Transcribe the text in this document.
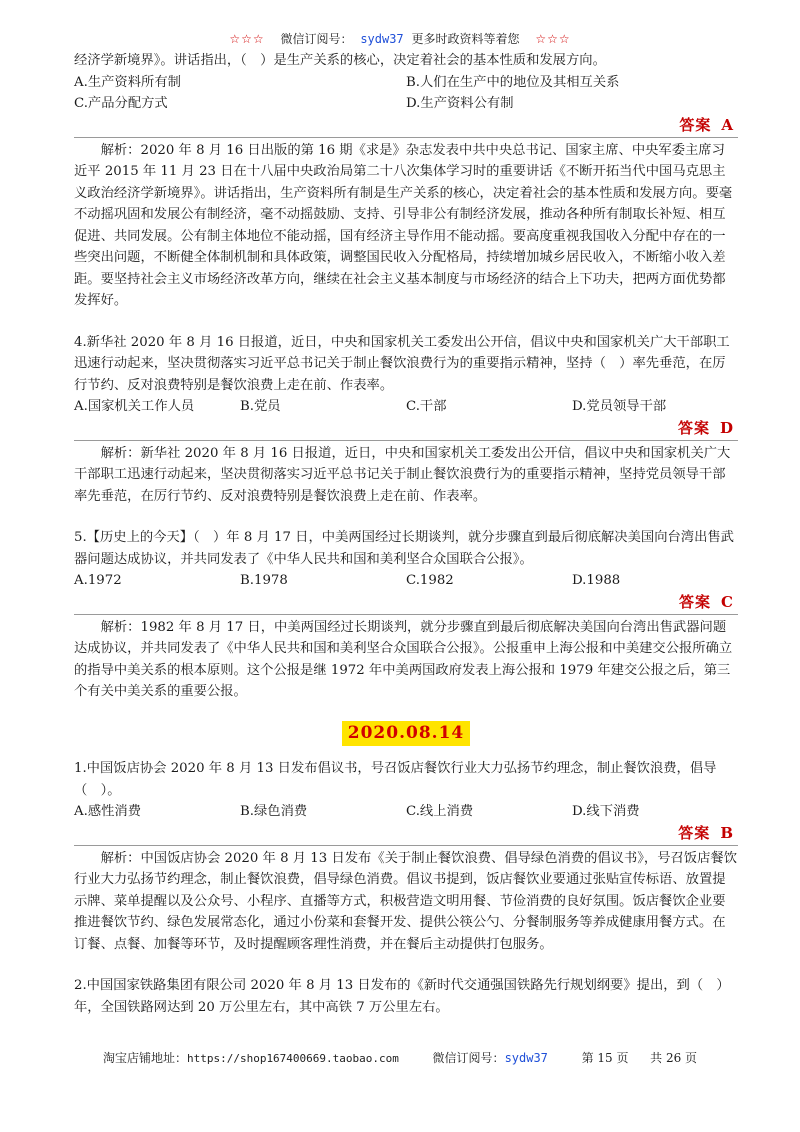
☆☆☆ 微信订阅号： sydw37 更多时政资料等着您 ☆☆☆

经济学新境界》。讲话指出，（　）是生产关系的核心，决定着社会的基本性质和发展方向。

A.生产资料所有制	B.人们在生产中的地位及其相互关系
C.产品分配方式	D.生产资料公有制
答案 A

解析：2020 年 8 月 16 日出版的第 16 期《求是》杂志发表中共中央总书记、国家主席、中央军委主席习近平 2015 年 11 月 23 日在十八届中央政治局第二十八次集体学习时的重要讲话《不断开拓当代中国马克思主义政治经济学新境界》。讲话指出，生产资料所有制是生产关系的核心，决定着社会的基本性质和发展方向。要毫不动摇巩固和发展公有制经济，毫不动摇鼓励、支持、引导非公有制经济发展，推动各种所有制取长补短、相互促进、共同发展。公有制主体地位不能动摇，国有经济主导作用不能动摇。要高度重视我国收入分配中存在的一些突出问题，不断健全体制机制和具体政策，调整国民收入分配格局，持续增加城乡居民收入，不断缩小收入差距。要坚持社会主义市场经济改革方向，继续在社会主义基本制度与市场经济的结合上下功夫，把两方面优势都发挥好。

4.新华社 2020 年 8 月 16 日报道，近日，中央和国家机关工委发出公开信，倡议中央和国家机关广大干部职工迅速行动起来，坚决贯彻落实习近平总书记关于制止餐饮浪费行为的重要指示精神，坚持（　）率先垂范，在厉行节约、反对浪费特别是餐饮浪费上走在前、作表率。

A.国家机关工作人员	B.党员	C.干部	D.党员领导干部
答案 D

解析：新华社 2020 年 8 月 16 日报道，近日，中央和国家机关工委发出公开信，倡议中央和国家机关广大干部职工迅速行动起来，坚决贯彻落实习近平总书记关于制止餐饮浪费行为的重要指示精神，坚持党员领导干部率先垂范，在厉行节约、反对浪费特别是餐饮浪费上走在前、作表率。

5.【历史上的今天】（　）年 8 月 17 日，中美两国经过长期谈判，就分步骤直到最后彻底解决美国向台湾出售武器问题达成协议，并共同发表了《中华人民共和国和美利坚合众国联合公报》。

A.1972	B.1978	C.1982	D.1988
答案 C

解析：1982 年 8 月 17 日，中美两国经过长期谈判，就分步骤直到最后彻底解决美国向台湾出售武器问题达成协议，并共同发表了《中华人民共和国和美利坚合众国联合公报》。公报重申上海公报和中美建交公报所确立的指导中美关系的根本原则。这个公报是继 1972 年中美两国政府发表上海公报和 1979 年建交公报之后，第三个有关中美关系的重要公报。

2020.08.14

1.中国饭店协会 2020 年 8 月 13 日发布倡议书，号召饭店餐饮行业大力弘扬节约理念，制止餐饮浪费，倡导（　）。

A.感性消费	B.绿色消费	C.线上消费	D.线下消费
答案 B

解析：中国饭店协会 2020 年 8 月 13 日发布《关于制止餐饮浪费、倡导绿色消费的倡议书》，号召饭店餐饮行业大力弘扬节约理念，制止餐饮浪费，倡导绿色消费。倡议书提到，饭店餐饮业要通过张贴宣传标语、放置提示牌、菜单提醒以及公众号、小程序、直播等方式，积极营造文明用餐、节俭消费的良好氛围。饭店餐饮企业要推进餐饮节约、绿色发展常态化，通过小份菜和套餐开发、提供公筷公勺、分餐制服务等养成健康用餐方式。在订餐、点餐、加餐等环节，及时提醒顾客理性消费，并在餐后主动提供打包服务。

2.中国国家铁路集团有限公司 2020 年 8 月 13 日发布的《新时代交通强国铁路先行规划纲要》提出，到（　）年，全国铁路网达到 20 万公里左右，其中高铁 7 万公里左右。

淘宝店铺地址：https://shop167400669.taobao.com	微信订阅号：sydw37	第 15 页 共 26 页
